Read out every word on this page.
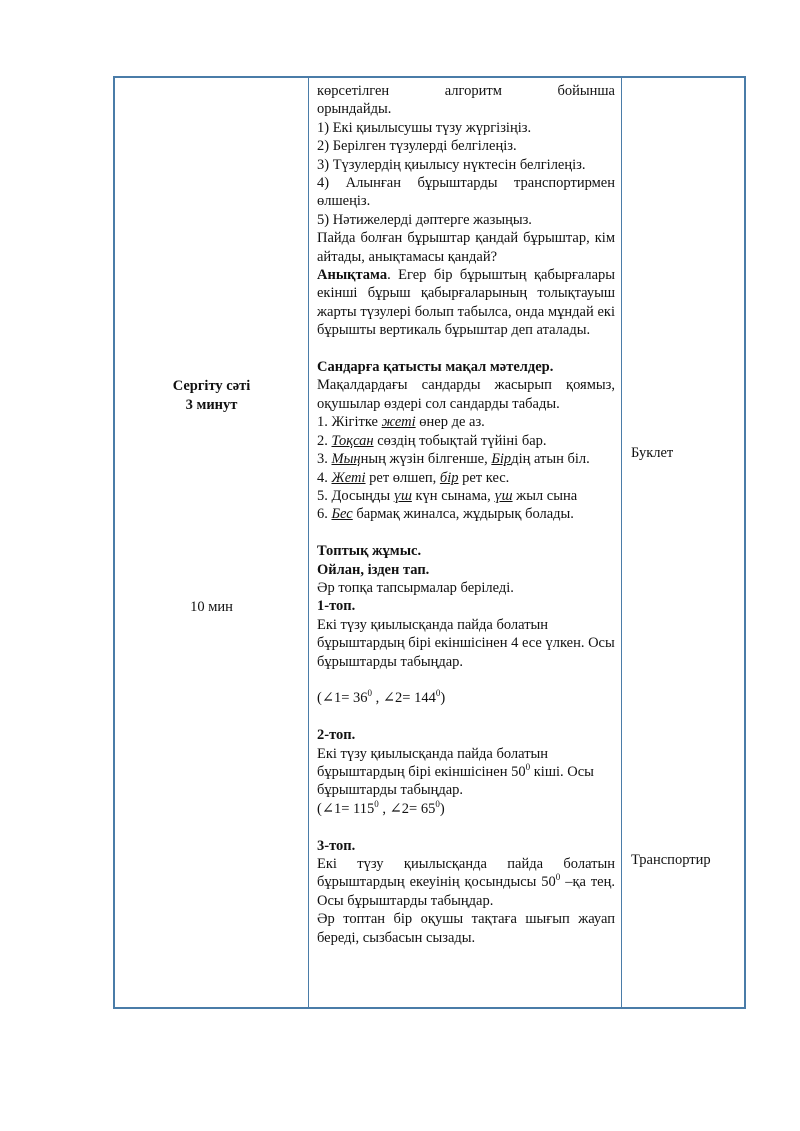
Сергіту сәті
3 минут
10 мин

көрсетілген алгоритм бойынша

орындайды.

1) Екі қиылысушы түзу жүргізіңіз.

2) Берілген түзулерді белгілеңіз.

3) Түзулердің қиылысу нүктесін белгілеңіз.

4) Алынған бұрыштарды транспортирмен өлшеңіз.

5) Нәтижелерді дәптерге жазыңыз.

Пайда болған бұрыштар қандай бұрыштар, кім айтады, анықтамасы қандай?

Анықтама. Егер бір бұрыштың қабырғалары екінші бұрыш қабырғаларының толықтауыш жарты түзулері болып табылса, онда мұндай екі бұрышты вертикаль бұрыштар деп аталады.

Сандарға қатысты мақал мәтелдер.

Мақалдардағы сандарды жасырып қоямыз, оқушылар өздері сол сандарды табады.

1. Жігітке жеті өнер де аз.

2. Тоқсан сөздің тобықтай түйіні бар.

3. Мыңның жүзін білгенше, Бірдің атын біл.

4. Жеті рет өлшеп, бір рет кес.

5. Досыңды үш күн сынама, үш жыл сына

6. Бес бармақ жиналса, жұдырық болады.

Топтық жұмыс.

Ойлан, ізден тап.

Әр топқа тапсырмалар беріледі.

1-топ.

Екі түзу қиылысқанда пайда болатын бұрыштардың бірі екіншісінен 4 есе үлкен. Осы бұрыштарды табыңдар.

(∠1= $36^0$ , ∠2= $144^0$)

2-топ.

Екі түзу қиылысқанда пайда болатын бұрыштардың бірі екіншісінен $50^0$ кіші. Осы бұрыштарды табыңдар.

(∠1= $115^0$ , ∠2= $65^0$)

3-топ.

Екі түзу қиылысқанда пайда болатын бұрыштардың екеуінің қосындысы $50^0$ –қа тең. Осы бұрыштарды табыңдар.

Әр топтан бір оқушы тақтаға шығып жауап береді, сызбасын сызады.

Буклет
Транспортир
